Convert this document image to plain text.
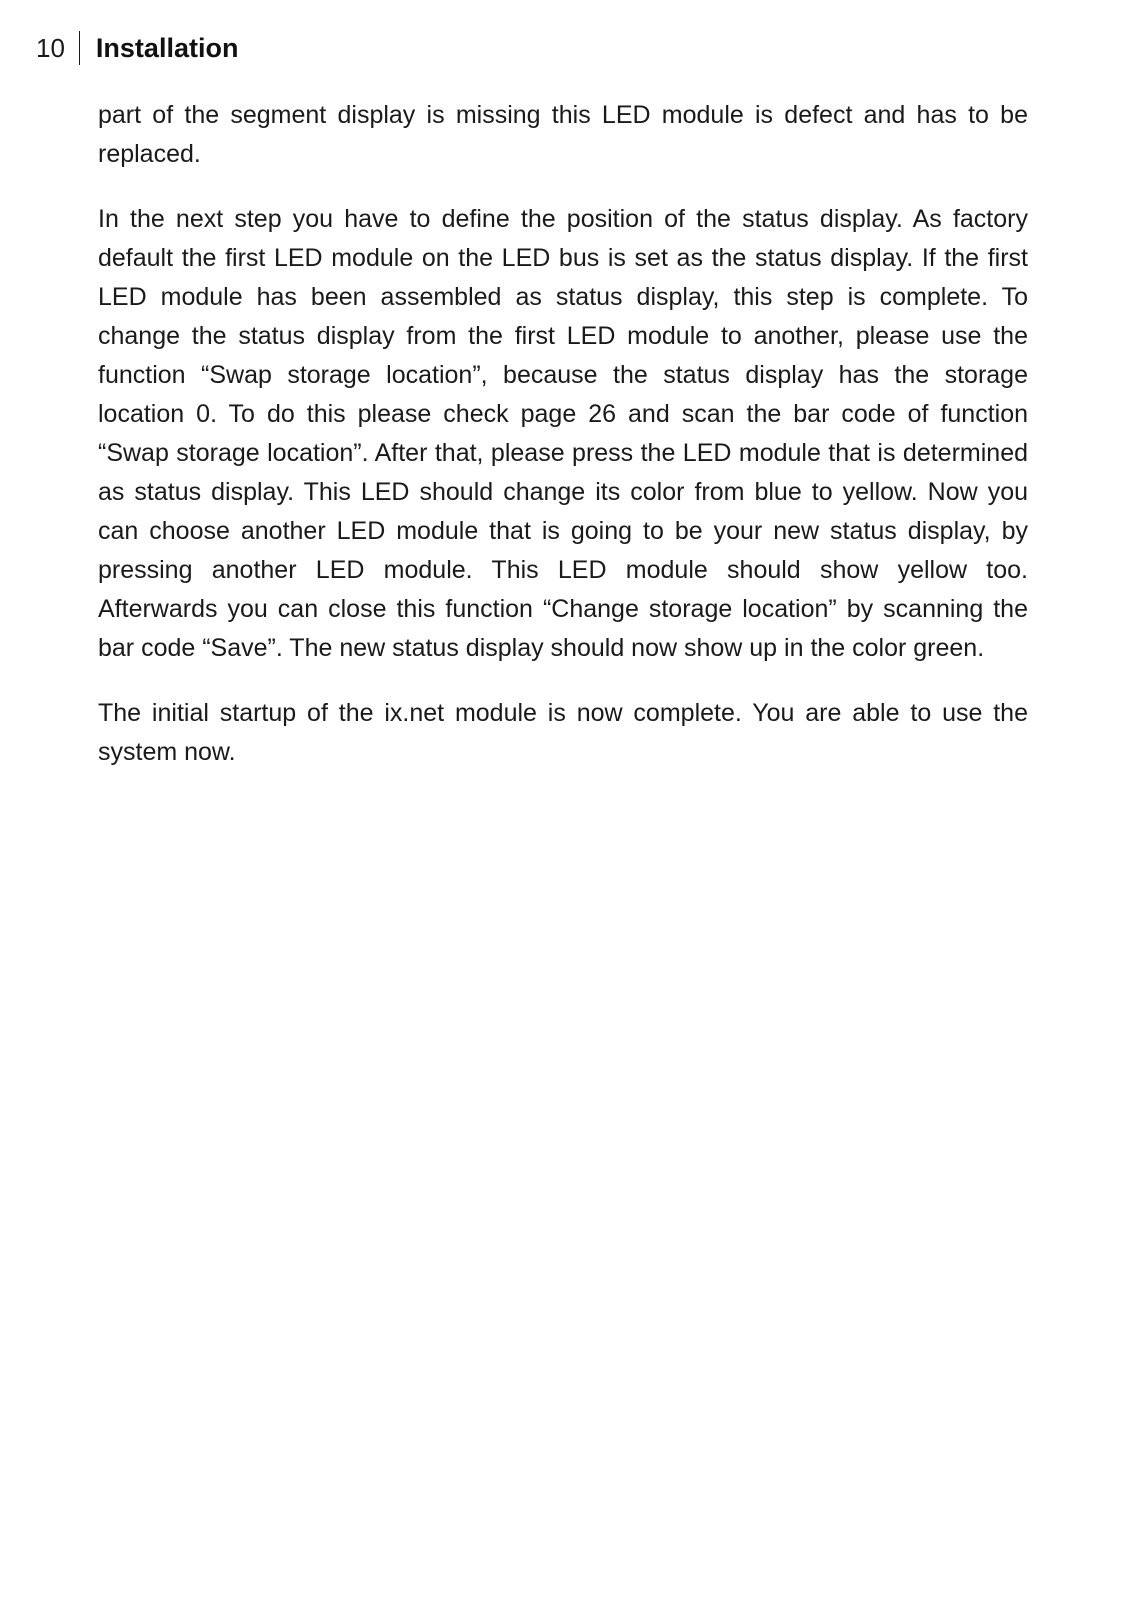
10	Installation

part of the segment display is missing this LED module is defect and has to be replaced.

In the next step you have to define the position of the status display. As factory default the first LED module on the LED bus is set as the status display. If the first LED module has been assembled as status display, this step is complete. To change the status display from the first LED module to another, please use the function “Swap storage location”, because the status display has the storage location 0. To do this please check page 26 and scan the bar code of function “Swap storage location”. After that, please press the LED module that is determined as status display. This LED should change its color from blue to yellow. Now you can choose another LED module that is going to be your new status display, by pressing another LED module. This LED module should show yellow too. Afterwards you can close this function “Change storage location” by scanning the bar code “Save”. The new status display should now show up in the color green.

The initial startup of the ix.net module is now complete. You are able to use the system now.
